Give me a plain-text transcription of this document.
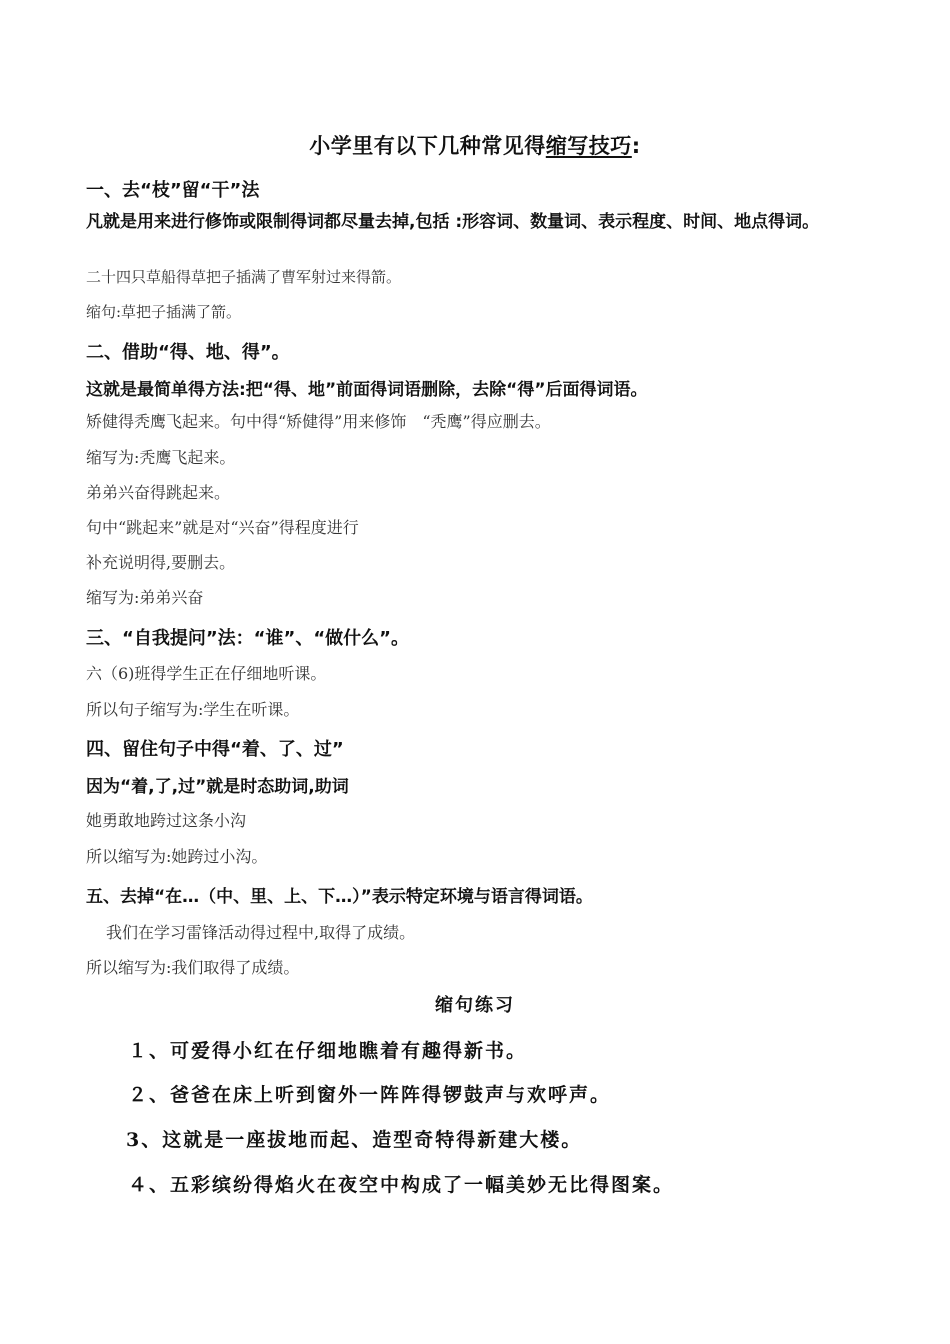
小学里有以下几种常见得缩写技巧:
一、去“枝”留“干”法
凡就是用来进行修饰或限制得词都尽量去掉,包括 :形容词、数量词、表示程度、时间、地点得词。
二十四只草船得草把子插满了曹军射过来得箭。
缩句:草把子插满了箭。
二、借助“得、地、得”。
这就是最简单得方法:把“得、地”前面得词语删除，去除“得”后面得词语。
矫健得秃鹰飞起来。句中得“矫健得”用来修饰　“秃鹰”得应删去。
缩写为:秃鹰飞起来。
弟弟兴奋得跳起来。
句中“跳起来”就是对“兴奋”得程度进行
补充说明得,要删去。
缩写为:弟弟兴奋
三、“自我提问”法：“谁”、“做什么”。
六（6)班得学生正在仔细地听课。
所以句子缩写为:学生在听课。
四、留住句子中得“着、了、过”
因为“着,了,过”就是时态助词,助词
她勇敢地跨过这条小沟
所以缩写为:她跨过小沟。
五、去掉“在…（中、里、上、下…）”表示特定环境与语言得词语。
我们在学习雷锋活动得过程中,取得了成绩。
所以缩写为:我们取得了成绩。
缩句练习
１、可爱得小红在仔细地瞧着有趣得新书。
２、爸爸在床上听到窗外一阵阵得锣鼓声与欢呼声。
3、这就是一座拔地而起、造型奇特得新建大楼。
４、五彩缤纷得焰火在夜空中构成了一幅美妙无比得图案。
